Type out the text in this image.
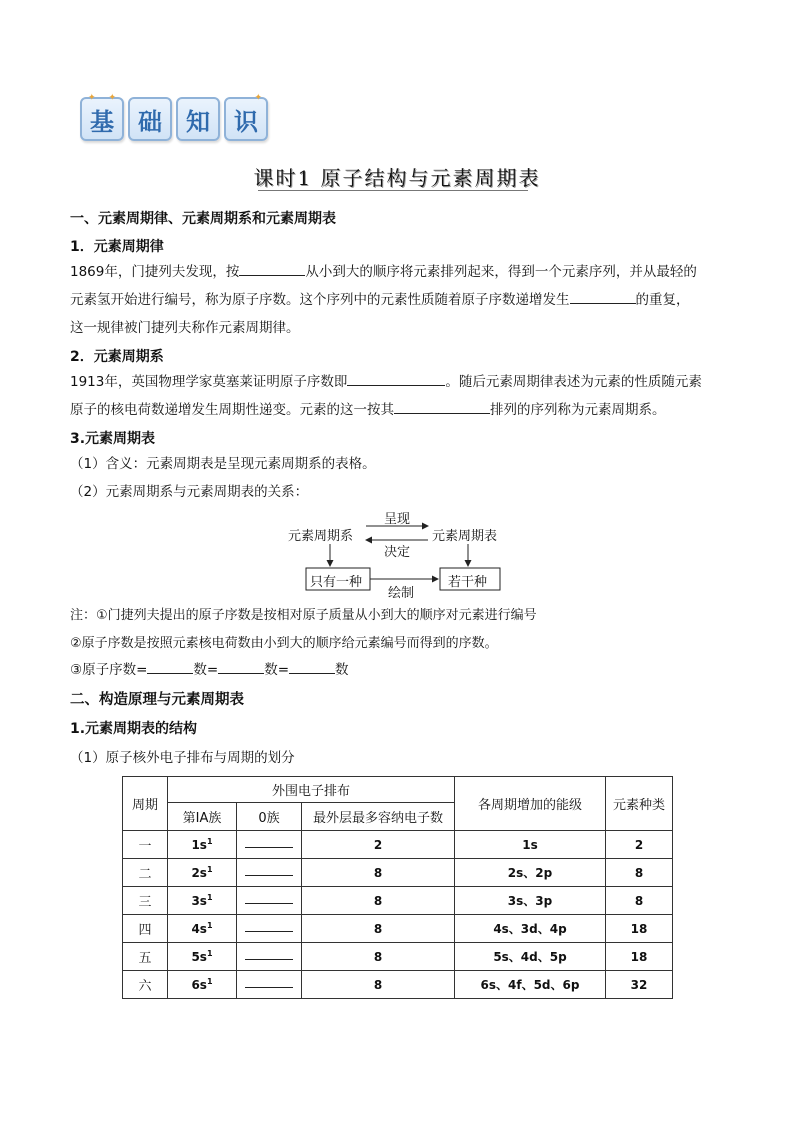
基
✦ ✦
础 知 识
✦
课时1 原子结构与元素周期表
一、元素周期律、元素周期系和元素周期表
1．元素周期律
1869年，门捷列夫发现，按	从小到大的顺序将元素排列起来，得到一个元素序列，并从最轻的
元素氢开始进行编号，称为原子序数。这个序列中的元素性质随着原子序数递增发生	的重复，
这一规律被门捷列夫称作元素周期律。
2．元素周期系
1913年，英国物理学家莫塞莱证明原子序数即	。随后元素周期律表述为元素的性质随元素
原子的核电荷数递增发生周期性递变。元素的这一按其	排列的序列称为元素周期系。
3.元素周期表
（1）含义：元素周期表是呈现元素周期系的表格。
（2）元素周期系与元素周期表的关系：
元素周期系	元素周期表
呈现
决定
只有一种	若干种
绘制
注：①门捷列夫提出的原子序数是按相对原子质量从小到大的顺序对元素进行编号
②原子序数是按照元素核电荷数由小到大的顺序给元素编号而得到的序数。
③原子序数=	数=	数=	数
二、构造原理与元素周期表
1.元素周期表的结构
（1）原子核外电子排布与周期的划分
周期	外围电子排布			各周期增加的能级	元素种类
	第ⅠA族	0族	最外层最多容纳电子数		
一	$1s^1$		2	1s	2
二	$2s^1$		8	2s、2p	8
三	$3s^1$		8	3s、3p	8
四	$4s^1$		8	4s、3d、4p	18
五	$5s^1$		8	5s、4d、5p	18
六	$6s^1$		8	6s、4f、5d、6p	32
